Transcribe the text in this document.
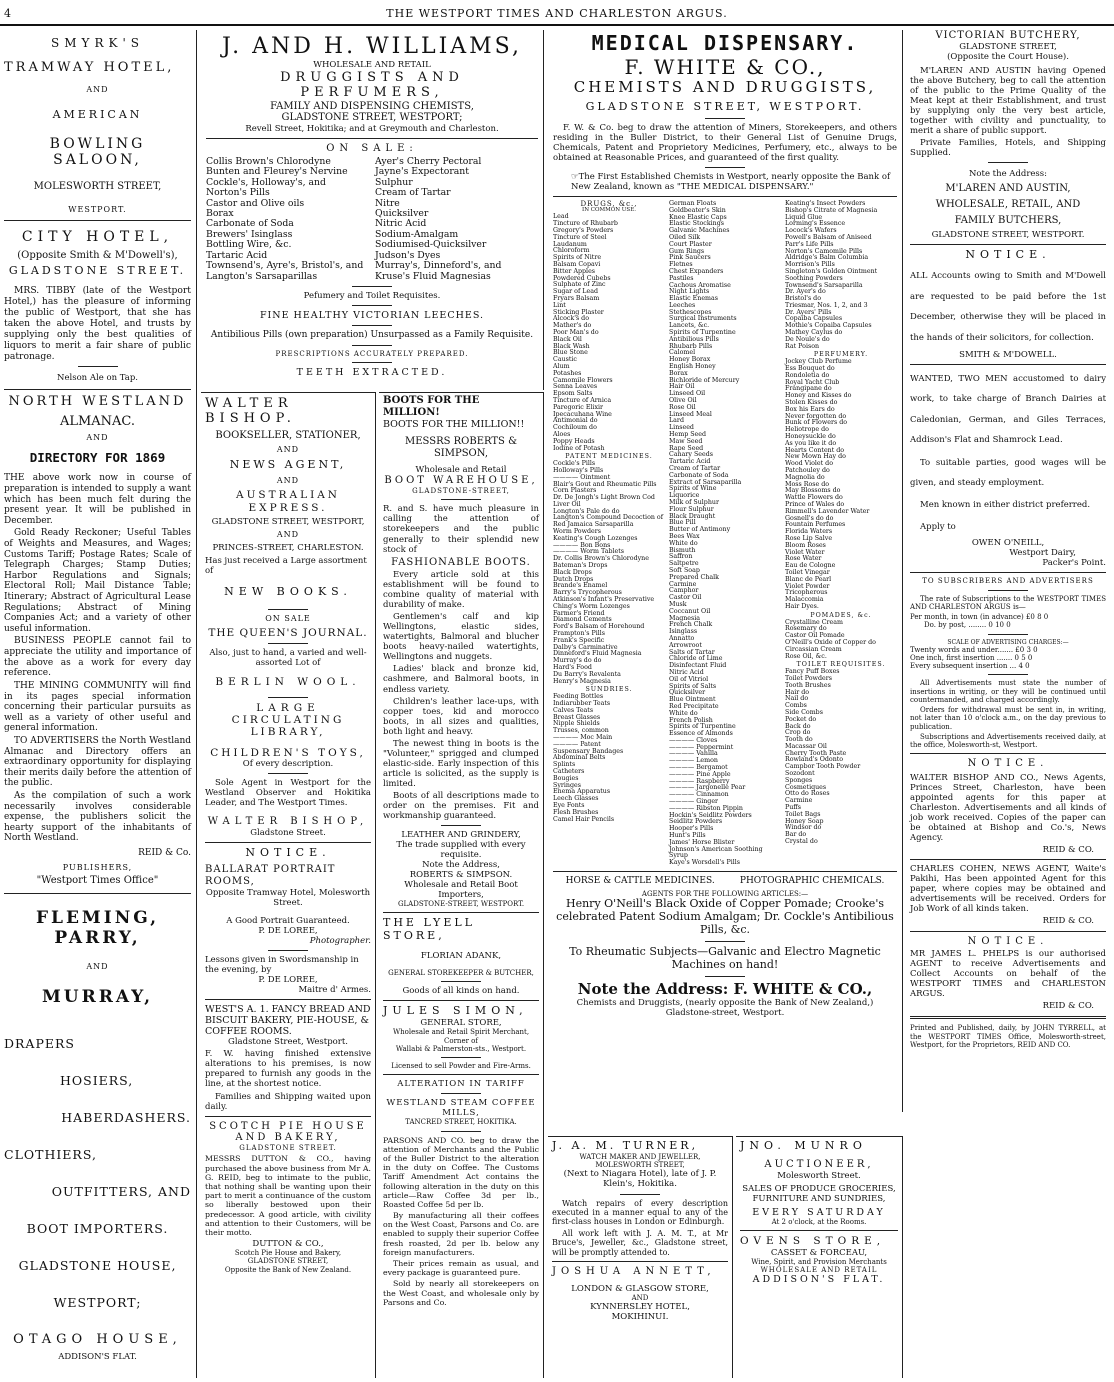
4	THE WESTPORT TIMES AND CHARLESTON ARGUS.
SMYRK'S
TRAMWAY HOTEL,
AND
AMERICAN
BOWLING SALOON,
MOLESWORTH STREET,
WESTPORT.
CITY HOTEL,
(Opposite Smith & M'Dowell's),
GLADSTONE STREET.

MRS. TIBBY (late of the Westport Hotel,) has the pleasure of informing the public of Westport, that she has taken the above Hotel, and trusts by supplying only the best qualities of liquors to merit a fair share of public patronage.

Nelson Ale on Tap.
NORTH WESTLAND
ALMANAC.
AND
DIRECTORY FOR 1869

THE above work now in course of preparation is intended to supply a want which has been much felt during the present year. It will be published in December.

Gold Ready Reckoner; Useful Tables of Weights and Measures, and Wages; Customs Tariff; Postage Rates; Scale of Telegraph Charges; Stamp Duties; Harbor Regulations and Signals; Electoral Roll; Mail Distance Table; Itinerary; Abstract of Agricultural Lease Regulations; Abstract of Mining Companies Act; and a variety of other useful information.

BUSINESS PEOPLE cannot fail to appreciate the utility and importance of the above as a work for every day reference.

THE MINING COMMUNITY will find in its pages special information concerning their particular pursuits as well as a variety of other useful and general information.

TO ADVERTISERS the North Westland Almanac and Directory offers an extraordinary opportunity for displaying their merits daily before the attention of the public.

As the compilation of such a work necessarily involves considerable expense, the publishers solicit the hearty support of the inhabitants of North Westland.

REID & Co.
PUBLISHERS,
"Westport Times Office"
FLEMING, PARRY,
AND
MURRAY,
DRAPERS
HOSIERS,
HABERDASHERS.
CLOTHIERS,
OUTFITTERS, AND
BOOT IMPORTERS.
GLADSTONE HOUSE,
WESTPORT;
OTAGO HOUSE,
ADDISON'S FLAT.
J. AND H. WILLIAMS,
WHOLESALE AND RETAIL
DRUGGISTS AND PERFUMERS,
FAMILY AND DISPENSING CHEMISTS,
GLADSTONE STREET, WESTPORT;
Revell Street, Hokitika; and at Greymouth and Charleston.
ON SALE:
Collis Brown's Chlorodyne
Bunten and Fleurey's Nervine
Cockle's, Holloway's, and Norton's Pills
Castor and Olive oils
Borax
Carbonate of Soda
Brewers' Isinglass
Bottling Wire, &c.
Tartaric Acid
Townsend's, Ayre's, Bristol's, and Langton's Sarsaparillas
Ayer's Cherry Pectoral
Jayne's Expectorant
Sulphur
Cream of Tartar
Nitre
Quicksilver
Nitric Acid
Sodium-Amalgam
Sodiumised-Quicksilver
Judson's Dyes
Murray's, Dinneford's, and Kruse's Fluid Magnesias
Pefumery and Toilet Requisites.
FINE HEALTHY VICTORIAN LEECHES.
Antibilious Pills (own preparation) Unsurpassed as a Family Requisite.
PRESCRIPTIONS ACCURATELY PREPARED.
TEETH EXTRACTED.
WALTER BISHOP.
BOOKSELLER, STATIONER,
AND
NEWS AGENT,
AND
AUSTRALIAN EXPRESS.
GLADSTONE STREET, WESTPORT,
AND
PRINCES-STREET, CHARLESTON.
Has just received a Large assortment of
NEW BOOKS.
ON SALE
THE QUEEN'S JOURNAL.
Also, just to hand, a varied and well-assorted Lot of
BERLIN WOOL.
LARGE
CIRCULATING LIBRARY,
CHILDREN'S TOYS,
Of every description.

Sole Agent in Westport for the Westland Observer and Hokitika Leader, and The Westport Times.

WALTER BISHOP,
Gladstone Street.
NOTICE.
BALLARAT PORTRAIT ROOMS,
Opposite Tramway Hotel, Molesworth Street.
A Good Portrait Guaranteed.
P. DE LOREE,
Photographer.
Lessons given in Swordsmanship in the evening, by
P. DE LOREE,
Maitre d' Armes.
WEST'S A. 1. FANCY BREAD AND BISCUIT BAKERY, PIE-HOUSE, & COFFEE ROOMS.
Gladstone Street, Westport.

F. W. having finished extensive alterations to his premises, is now prepared to furnish any goods in the line, at the shortest notice.

Families and Shipping waited upon daily.

SCOTCH PIE HOUSE AND BAKERY,
GLADSTONE STREET.

MESSRS DUTTON & CO., having purchased the above business from Mr A. G. REID, beg to intimate to the public, that nothing shall be wanting upon their part to merit a continuance of the custom so liberally bestowed upon their predecessor. A good article, with civility and attention to their Customers, will be their motto.

DUTTON & CO.,
Scotch Pie House and Bakery,
GLADSTONE STREET,
Opposite the Bank of New Zealand.
BOOTS FOR THE MILLION!
BOOTS FOR THE MILLION!!
MESSRS ROBERTS & SIMPSON,
Wholesale and Retail
BOOT WAREHOUSE,
GLADSTONE-STREET,

R. and S. have much pleasure in calling the attention of storekeepers and the public generally to their splendid new stock of

FASHIONABLE BOOTS.

Every article sold at this establishment will be found to combine quality of material with durability of make.

Gentlemen's calf and kip Wellingtons, elastic sides, watertights, Balmoral and blucher boots heavy-nailed watertights, Wellingtons and nuggets.

Ladies' black and bronze kid, cashmere, and Balmoral boots, in endless variety.

Children's leather lace-ups, with copper toes, kid and morocco boots, in all sizes and qualities, both light and heavy.

The newest thing in boots is the "Volunteer," sprigged and clumped elastic-side. Early inspection of this article is solicited, as the supply is limited.

Boots of all descriptions made to order on the premises. Fit and workmanship guaranteed.

LEATHER AND GRINDERY,
The trade supplied with every requisite.
Note the Address,
ROBERTS & SIMPSON.
Wholesale and Retail Boot Importers,
GLADSTONE-STREET, WESTPORT.
THE LYELL STORE,
FLORIAN ADANK,
GENERAL STOREKEEPER & BUTCHER,
Goods of all kinds on hand.
JULES SIMON,
GENERAL STORE,
Wholesale and Retail Spirit Merchant,
Corner of
Wallabi & Palmerston-sts., Westport.
Licensed to sell Powder and Fire-Arms.
ALTERATION IN TARIFF
WESTLAND STEAM COFFEE MILLS,
TANCRED STREET, HOKITIKA.

PARSONS AND CO. beg to draw the attention of Merchants and the Public of the Buller District to the alteration in the duty on Coffee. The Customs Tariff Amendment Act contains the following alteration in the duty on this article—Raw Coffee 3d per lb., Roasted Coffee 5d per lb.

By manufacturing all their coffees on the West Coast, Parsons and Co. are enabled to supply their superior Coffee fresh roasted, 2d per lb. below any foreign manufacturers.

Their prices remain as usual, and every package is guaranteed pure.

Sold by nearly all storekeepers on the West Coast, and wholesale only by Parsons and Co.

MEDICAL DISPENSARY.
F. WHITE & CO.,
CHEMISTS AND DRUGGISTS,
GLADSTONE STREET, WESTPORT.

F. W. & Co. beg to draw the attention of Miners, Storekeepers, and others residing in the Buller District, to their General List of Genuine Drugs, Chemicals, Patent and Proprietory Medicines, Perfumery, etc., always to be obtained at Reasonable Prices, and guaranteed of the first quality.

☞The First Established Chemists in Westport, nearly opposite the Bank of New Zealand, known as "THE MEDICAL DISPENSARY."

DRUGS, &c.,
IN COMMON USE.
Lead
Tincture of Rhubarb
Gregory's Powders
Tincture of Steel
Laudanum
Chloroform
Spirits of Nitre
Balsam Copavi
Bitter Apples
Powdered Cubebs
Sulphate of Zinc
Sugar of Lead
Fryars Balsam
Lint
Sticking Plaster
Alcock's do
Mather's do
Poor Man's do
Black Oil
Black Wash
Blue Stone
Caustic
Alum
Potashes
Camomile Flowers
Senna Leaves
Epsom Salts
Tincture of Arnica
Paregoric Elixir
Ipecacuhana Wine
Antimonial do
Cochiloum do
Aloes
Poppy Heads
Iodine of Potash
PATENT MEDICINES.
Cockle's Pills
Holloway's Pills
———— Ointment
Blair's Gout and Rheumatic Pills
Corn Plasters
Dr. De Jongh's Light Brown Cod Liver Oil
Longton's Pale do do
Langton's Compound Decoction of Red Jamaica Sarsaparilla
Worm Powders
Keating's Cough Lozenges
———— Bon Bons
———— Worm Tablets
Dr. Collis Brown's Chlorodyne
Bateman's Drops
Black Drops
Dutch Drops
Brande's Enamel
Barry's Trycopherous
Atkinson's Infant's Preservative
Ching's Worm Lozenges
Farmer's Friend
Diamond Cements
Ford's Balsam of Horehound
Frampton's Pills
Frank's Specific
Dalby's Carminative
Dinneford's Fluid Magnesia
Murray's do do
Hard's Food
Du Barry's Revalenta
Henry's Magnesia
SUNDRIES.
Feeding Bottles
Indiarubber Teats
Calves Teats
Breast Glasses
Nipple Shields
Trusses, common
———— Moc Main
———— Patent
Suspensary Bandages
Abdominal Belts
Splints
Catheters
Bougies
Syringes
Enema Apparatus
Leech Glasses
Eye Fonts
Flesh Brushes
Camel Hair Pencils
German Floats
Goldbeater's Skin
Knee Elastic Caps
Elastic Stockings
Galvanic Machines
Oiled Silk
Court Plaster
Gum Rings
Pink Saucers
Fletnes
Chest Expanders
Pastiles
Cachous Aromatise
Night Lights
Elastic Enemas
Leeches
Stethescopes
Surgical Instruments
Lancets, &c.
Spirits of Turpentine
Antibilious Pills
Rhubarb Pills
Calomel
Honey Borax
English Honey
Borax
Bichloride of Mercury
Hair Oil
Linseed Oil
Olive Oil
Rose Oil
Linseed Meal
Lard
Linseed
Hemp Seed
Maw Seed
Rape Seed
Canary Seeds
Tartaric Acid
Cream of Tartar
Carbonate of Soda
Extract of Sarsaparilla
Spirits of Wine
Liquorice
Milk of Sulphur
Flour Sulphur
Black Draught
Blue Pill
Butter of Antimony
Bees Wax
White do
Bismuth
Saffron
Saltpetre
Soft Soap
Prepared Chalk
Carmine
Camphor
Castor Oil
Musk
Coccanut Oil
Magnesia
French Chalk
Isinglass
Annatto
Arrowroot
Salts of Tartar
Chloride of Lime
Disinfectant Fluid
Nitric Acid
Oil of Vitriol
Spirits of Salts
Quicksilver
Blue Ointment
Red Precipitate
White do
French Polish
Spirits of Turpentine
Essence of Almonds
———— Cloves
———— Peppermint
———— Vanilla
———— Lemon
———— Bergamot
———— Pine Apple
———— Raspberry
———— Jargonelle Pear
———— Cinnamon
———— Ginger
———— Ribston Pippin
Hockin's Seidlitz Powders
Seidlitz Powders
Hooper's Pills
Hunt's Pills
James' Horse Blister
Johnson's American Soothing Syrup
Kaye's Worsdell's Pills
Keating's Insect Powders
Bishop's Citrate of Magnesia
Liquid Glue
Lorming's Essence
Locock's Wafers
Powell's Balsam of Aniseed
Parr's Life Pills
Norton's Camomile Pills
Aldridge's Balm Columbia
Morrison's Pills
Singleton's Golden Ointment
Soothing Powders
Townsend's Sarsaparilla
Dr. Ayer's do
Bristol's do
Triesmar, Nos. 1, 2, and 3
Dr. Ayers' Pills
Copaiba Capsules
Mothie's Copaiba Capsules
Mathey Caylus do
De Noule's do
Rat Poison
PERFUMERY.
Jockey Club Perfume
Ess Bouquet do
Rondoletia do
Royal Yacht Club
Frangipane do
Honey and Kisses do
Stolen Kisses do
Box his Ears do
Never forgotten do
Bunk of Flowers do
Heliotrope do
Honeysuckle do
As you like it do
Hearts Content do
New Mown Hay do
Wood Violet do
Patchouley do
Magnolia do
Moss Rose do
May Blossoms do
Wattle Flowers do
Prince of Wales do
Rimmell's Lavender Water
Gosnell's do do
Fountain Perfumes
Florida Waters
Rose Lip Salve
Bloom Roses
Violet Water
Rose Water
Eau de Cologne
Toilet Vinegar
Blanc de Pearl
Violet Powder
Tricopherous
Malaccomia
Hair Dyes.
POMADES, &c.
Crystalline Cream
Rosemary do
Castor Oil Pomade
O'Neill's Oxide of Copper do
Circassian Cream
Rose Oil, &c.
TOILET REQUISITES.
Fancy Puff Boxes
Toilet Powders
Tooth Brushes
Hair do
Nail do
Combs
Side Combs
Pocket do
Back do
Crop do
Tooth do
Macassar Oil
Cherry Tooth Paste
Rowland's Odonto
Campbor Tooth Powder
Sozodont
Sponges
Cosmetiques
Otto do Roses
Carmine
Puffs
Toilet Bags
Honey Soap
Windsor do
Bar do
Crystal do
HORSE & CATTLE MEDICINES.	PHOTOGRAPHIC CHEMICALS.
AGENTS FOR THE FOLLOWING ARTICLES:—
Henry O'Neill's Black Oxide of Copper Pomade; Crooke's celebrated Patent Sodium Amalgam; Dr. Cockle's Antibilious Pills, &c.
To Rheumatic Subjects—Galvanic and Electro Magnetic Machines on hand!
Note the Address: F. WHITE & CO.,
Chemists and Druggists, (nearly opposite the Bank of New Zealand,) Gladstone-street, Westport.
J. A. M. TURNER,
WATCH MAKER AND JEWELLER,
MOLESWORTH STREET,
(Next to Niagara Hotel), late of J. P.
Klein's, Hokitika.

Watch repairs of every description executed in a manner equal to any of the first-class houses in London or Edinburgh.

All work left with J. A. M. T., at Mr Bruce's, Jeweller, &c., Gladstone street, will be promptly attended to.

JOSHUA ANNETT,
LONDON & GLASGOW STORE,
AND
KYNNERSLEY HOTEL,
MOKIHINUI.
JNO. MUNRO
AUCTIONEER,
Molesworth Street.
SALES OF PRODUCE GROCERIES, FURNITURE AND SUNDRIES,
EVERY SATURDAY
At 2 o'clock, at the Rooms.
OVENS STORE,
CASSET & FORCEAU,
Wine, Spirit, and Provision Merchants
WHOLESALE AND RETAIL
ADDISON'S FLAT.
VICTORIAN BUTCHERY,
GLADSTONE STREET,
(Opposite the Court House).

M'LAREN AND AUSTIN having Opened the above Butchery, beg to call the attention of the public to the Prime Quality of the Meat kept at their Establishment, and trust by supplying only the very best article, together with civility and punctuality, to merit a share of public support.

Private Families, Hotels, and Shipping Supplied.

Note the Address:
M'LAREN AND AUSTIN,
WHOLESALE, RETAIL, AND
FAMILY BUTCHERS,
GLADSTONE STREET, WESTPORT.
NOTICE.

ALL Accounts owing to Smith and M'Dowell are requested to be paid before the 1st December, otherwise they will be placed in the hands of their solicitors, for collection.

SMITH & M'DOWELL.

WANTED, TWO MEN accustomed to dairy work, to take charge of Branch Dairies at Caledonian, German, and Giles Terraces, Addison's Flat and Shamrock Lead.

To suitable parties, good wages will be given, and steady employment.

Men known in either district preferred.

Apply to

OWEN O'NEILL,
Westport Dairy,
Packer's Point.
TO SUBSCRIBERS AND ADVERTISERS

The rate of Subscriptions to the WESTPORT TIMES AND CHARLESTON ARGUS is—

Per month, in town (in advance) £0 8 0
Do. by post, ........ 0 10 0
SCALE OF ADVERTISING CHARGES:—
Twenty words and under....... £0 3 0
One inch, first insertion ....... 0 5 0
Every subsequent insertion ... 4 0

All Advertisements must state the number of insertions in writing, or they will be continued until countermanded, and charged accordingly.

Orders for withdrawal must be sent in, in writing, not later than 10 o'clock a.m., on the day previous to publication.

Subscriptions and Advertisements received daily, at the office, Molesworth-st, Westport.

NOTICE.

WALTER BISHOP AND CO., News Agents, Princes Street, Charleston, have been appointed agents for this paper at Charleston. Advertisements and all kinds of job work received. Copies of the paper can be obtained at Bishop and Co.'s, News Agency.

REID & CO.

CHARLES COHEN, NEWS AGENT, Waite's Pakihi, Has been appointed Agent for this paper, where copies may be obtained and advertisements will be received. Orders for Job Work of all kinds taken.

REID & CO.
NOTICE.

MR JAMES L. PHELPS is our authorised AGENT to receive Advertisements and Collect Accounts on behalf of the WESTPORT TIMES and CHARLESTON ARGUS.

REID & CO.

Printed and Published, daily, by JOHN TYRRELL, at the WESTPORT TIMES Office, Molesworth-street, Westport, for the Proprietors, REID AND CO.
